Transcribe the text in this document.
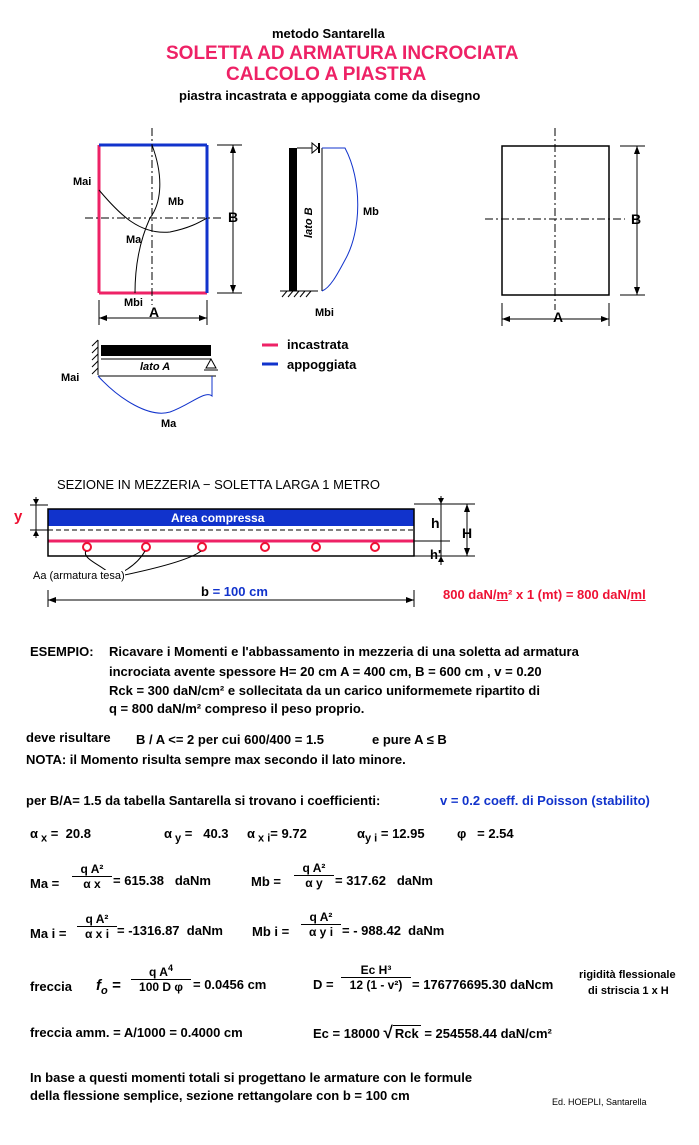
metodo Santarella
SOLETTA AD ARMATURA INCROCIATA
CALCOLO A PIASTRA
piastra incastrata e appoggiata come da disegno
Mai
Mb
Ma
Mbi
B
A
lato B	Mb
Mbi
B
A
lato A
Mai
Ma
incastrata
appoggiata
SEZIONE IN MEZZERIA − SOLETTA LARGA 1 METRO
Area compressa
y	h
H
h'
Aa (armatura tesa)
b = 100 cm	800 daN/m² x 1 (mt) = 800 daN/ml
ESEMPIO: Ricavare i Momenti e l'abbassamento in mezzeria di una soletta ad armatura
incrociata avente spessore H= 20 cm A = 400 cm, B = 600 cm , v = 0.20
Rck = 300 daN/cm² e sollecitata da un carico uniformemete ripartito di
q = 800 daN/m² compreso il peso proprio.
deve risultare B / A <= 2 per cui 600/400 = 1.5	e pure A ≤ B
NOTA: il Momento risulta sempre max secondo il lato minore.
per B/A= 1.5 da tabella Santarella si trovano i coefficienti:	v = 0.2 coeff. di Poisson (stabilito)
α $_x$ =  20.8	α $_y$ =   40.3 α $_{x i}$= 9.72	$\alpha_{y i} = 12.95$ φ   = 2.54
$Ma = \frac{\text{q A²}}{\text{α x}} = 615.38$ daNm	$Mb = \frac{\text{q A²}}{\text{α y}} = 317.62$ daNm
Ma $i = \frac{\text{q A²}}{\text{α x i}} = -1316.87$ daNm Mb $i = \frac{\text{q A²}}{\text{α y i}}$ = - 988.42 daNm
freccia $f_o = \frac{q A^4}{\text{100 D φ}} = 0.0456$ cm	$D = \frac{\text{Ec H³}}{\text{12 (1 - v²)}} = 176776695.30$ daNcm
rigidità flessionale
di striscia 1 x H
freccia amm. = A/1000 = 0.4000 cm	Ec = 18000 √ Rck = 254558.44 daN/cm²
In base a questi momenti totali si progettano le armature con le formule
della flessione semplice, sezione rettangolare con b = 100 cm	Ed. HOEPLI, Santarella
